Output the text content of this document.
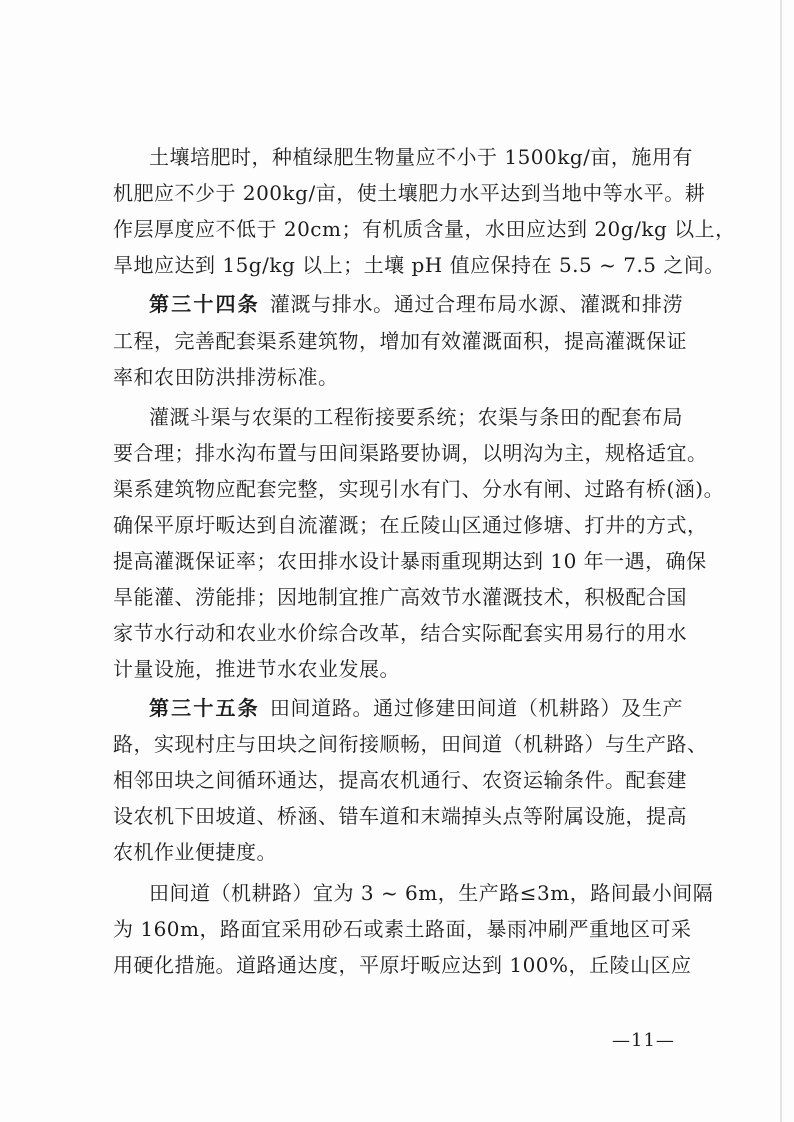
土壤培肥时，种植绿肥生物量应不小于 1500kg/亩，施用有
机肥应不少于 200kg/亩，使土壤肥力水平达到当地中等水平。耕
作层厚度应不低于 20cm；有机质含量，水田应达到 20g/kg 以上，
旱地应达到 15g/kg 以上；土壤 pH 值应保持在 5.5 ~ 7.5 之间。
第三十四条 灌溉与排水。通过合理布局水源、灌溉和排涝
工程，完善配套渠系建筑物，增加有效灌溉面积，提高灌溉保证
率和农田防洪排涝标准。
灌溉斗渠与农渠的工程衔接要系统；农渠与条田的配套布局
要合理；排水沟布置与田间渠路要协调，以明沟为主，规格适宜。
渠系建筑物应配套完整，实现引水有门、分水有闸、过路有桥(涵)。
确保平原圩畈达到自流灌溉；在丘陵山区通过修塘、打井的方式，
提高灌溉保证率；农田排水设计暴雨重现期达到 10 年一遇，确保
旱能灌、涝能排；因地制宜推广高效节水灌溉技术，积极配合国
家节水行动和农业水价综合改革，结合实际配套实用易行的用水
计量设施，推进节水农业发展。
第三十五条 田间道路。通过修建田间道（机耕路）及生产
路，实现村庄与田块之间衔接顺畅，田间道（机耕路）与生产路、
相邻田块之间循环通达，提高农机通行、农资运输条件。配套建
设农机下田坡道、桥涵、错车道和末端掉头点等附属设施，提高
农机作业便捷度。
田间道（机耕路）宜为 3 ~ 6m，生产路≤3m，路间最小间隔
为 160m，路面宜采用砂石或素土路面，暴雨冲刷严重地区可采
用硬化措施。道路通达度，平原圩畈应达到 100%，丘陵山区应
—11—
